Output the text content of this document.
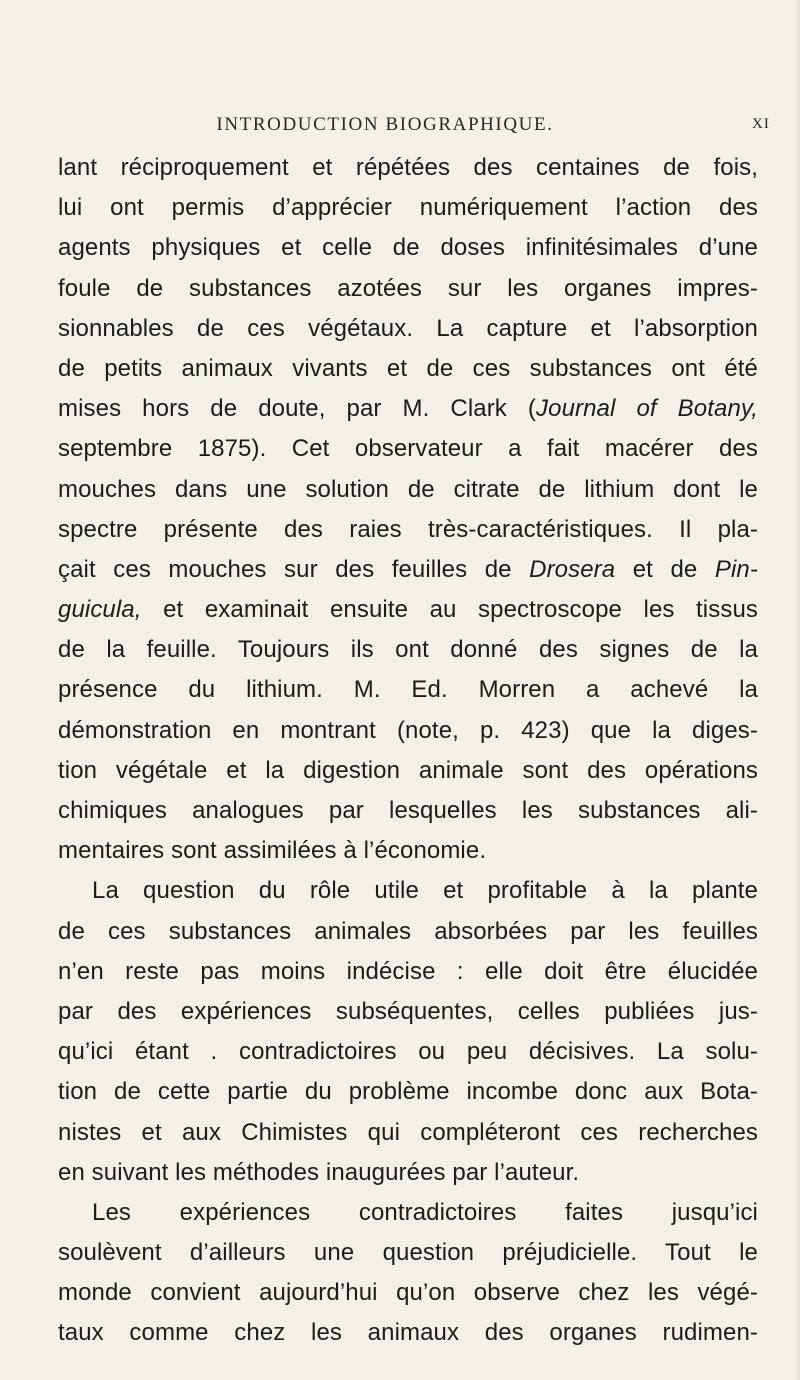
INTRODUCTION BIOGRAPHIQUE.	XI
lant réciproquement et répétées des centaines de fois,
lui ont permis d’apprécier numériquement l’action des
agents physiques et celle de doses infinitésimales d’une
foule de substances azotées sur les organes impres-
sionnables de ces végétaux. La capture et l’absorption
de petits animaux vivants et de ces substances ont été
mises hors de doute, par M. Clark (Journal of Botany,
septembre 1875). Cet observateur a fait macérer des
mouches dans une solution de citrate de lithium dont le
spectre présente des raies très-caractéristiques. Il pla-
çait ces mouches sur des feuilles de Drosera et de Pin-
guicula, et examinait ensuite au spectroscope les tissus
de la feuille. Toujours ils ont donné des signes de la
présence du lithium. M. Ed. Morren a achevé la
démonstration en montrant (note, p. 423) que la diges-
tion végétale et la digestion animale sont des opérations
chimiques analogues par lesquelles les substances ali-
mentaires sont assimilées à l’économie.
La question du rôle utile et profitable à la plante
de ces substances animales absorbées par les feuilles
n’en reste pas moins indécise : elle doit être élucidée
par des expériences subséquentes, celles publiées jus-
qu’ici étant . contradictoires ou peu décisives. La solu-
tion de cette partie du problème incombe donc aux Bota-
nistes et aux Chimistes qui compléteront ces recherches
en suivant les méthodes inaugurées par l’auteur.
Les expériences contradictoires faites jusqu’ici
soulèvent d’ailleurs une question préjudicielle. Tout le
monde convient aujourd’hui qu’on observe chez les végé-
taux comme chez les animaux des organes rudimen-
